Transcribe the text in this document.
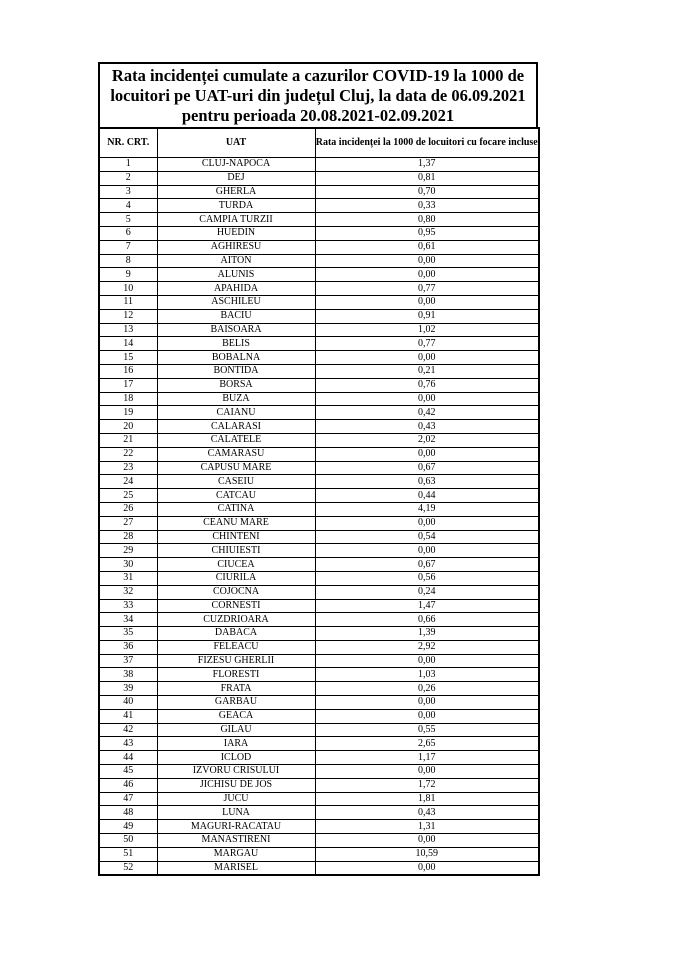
Rata incidenței cumulate a cazurilor COVID-19 la 1000 de
locuitori pe UAT-uri din județul Cluj, la data de 06.09.2021
pentru perioada 20.08.2021-02.09.2021
NR. CRT.	UAT	Rata incidenței la 1000 de locuitori cu focare incluse
1	CLUJ-NAPOCA	1,37
2	DEJ	0,81
3	GHERLA	0,70
4	TURDA	0,33
5	CAMPIA TURZII	0,80
6	HUEDIN	0,95
7	AGHIRESU	0,61
8	AITON	0,00
9	ALUNIS	0,00
10	APAHIDA	0,77
11	ASCHILEU	0,00
12	BACIU	0,91
13	BAISOARA	1,02
14	BELIS	0,77
15	BOBALNA	0,00
16	BONTIDA	0,21
17	BORSA	0,76
18	BUZA	0,00
19	CAIANU	0,42
20	CALARASI	0,43
21	CALATELE	2,02
22	CAMARASU	0,00
23	CAPUSU MARE	0,67
24	CASEIU	0,63
25	CATCAU	0,44
26	CATINA	4,19
27	CEANU MARE	0,00
28	CHINTENI	0,54
29	CHIUIESTI	0,00
30	CIUCEA	0,67
31	CIURILA	0,56
32	COJOCNA	0,24
33	CORNESTI	1,47
34	CUZDRIOARA	0,66
35	DABACA	1,39
36	FELEACU	2,92
37	FIZESU GHERLII	0,00
38	FLORESTI	1,03
39	FRATA	0,26
40	GARBAU	0,00
41	GEACA	0,00
42	GILAU	0,55
43	IARA	2,65
44	ICLOD	1,17
45	IZVORU CRISULUI	0,00
46	JICHISU DE JOS	1,72
47	JUCU	1,81
48	LUNA	0,43
49	MAGURI-RACATAU	1,31
50	MANASTIRENI	0,00
51	MARGAU	10,59
52	MARISEL	0,00
